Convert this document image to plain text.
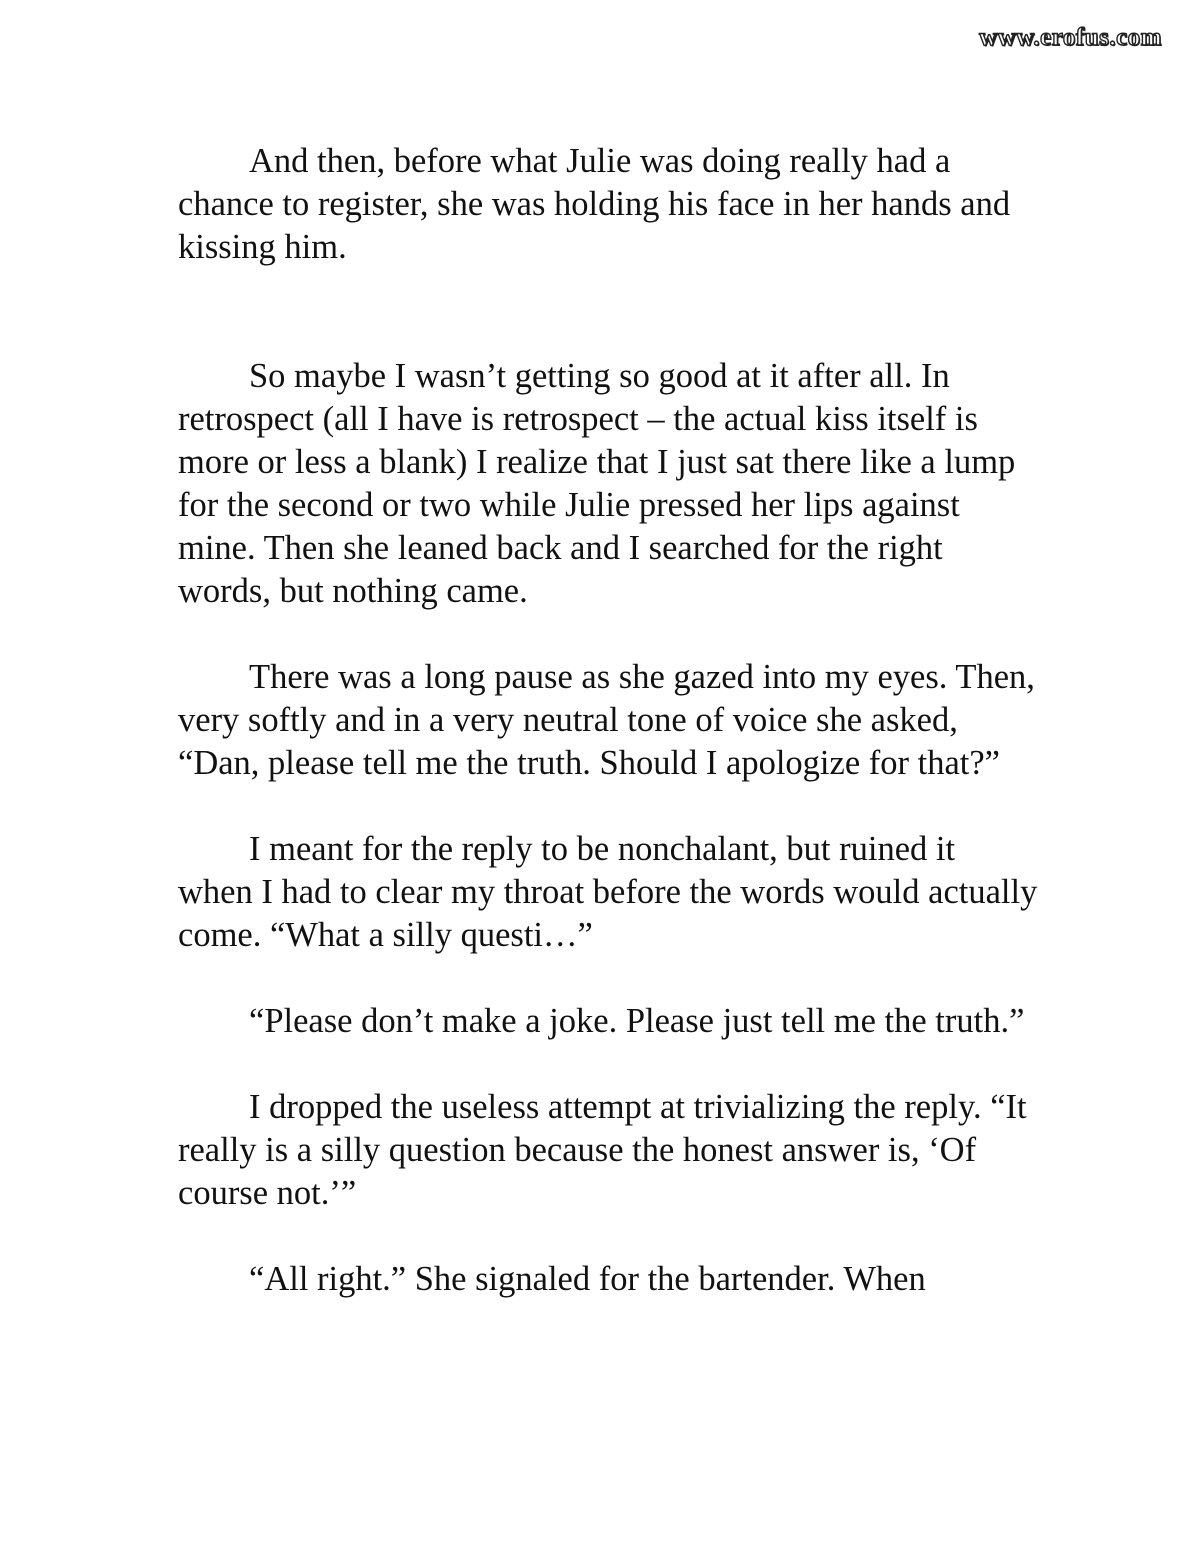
www.erofus.com

And then, before what Julie was doing really had a chance to register, she was holding his face in her hands and kissing him.

So maybe I wasn’t getting so good at it after all. In retrospect (all I have is retrospect – the actual kiss itself is more or less a blank) I realize that I just sat there like a lump for the second or two while Julie pressed her lips against mine. Then she leaned back and I searched for the right words, but nothing came.

There was a long pause as she gazed into my eyes. Then, very softly and in a very neutral tone of voice she asked, “Dan, please tell me the truth. Should I apologize for that?”

I meant for the reply to be nonchalant, but ruined it when I had to clear my throat before the words would actually come. “What a silly questi…”

“Please don’t make a joke. Please just tell me the truth.”

I dropped the useless attempt at trivializing the reply. “It really is a silly question because the honest answer is, ‘Of course not.’”

“All right.” She signaled for the bartender. When
